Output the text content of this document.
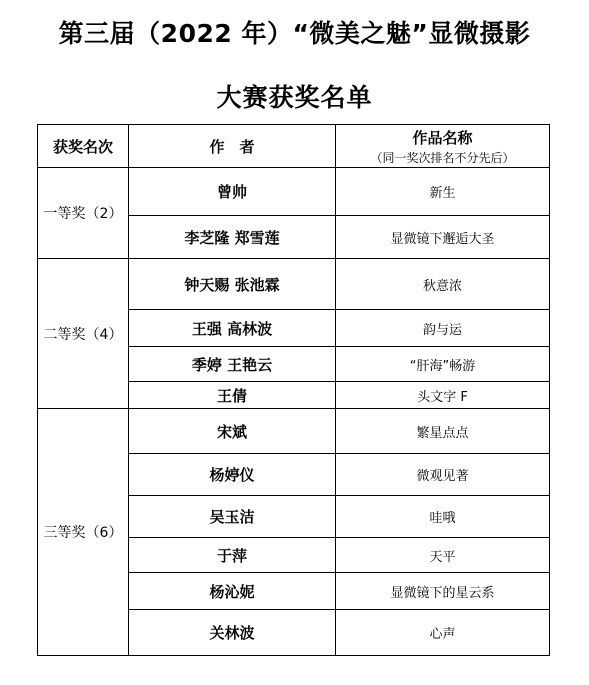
第三届（2022 年）“微美之魅”显微摄影
大赛获奖名单
获奖名次	作　者	作品名称
（同一奖次排名不分先后）

一等奖（2）	曾帅	新生
	李芝隆 郑雪莲	显微镜下邂逅大圣
二等奖（4）	钟天赐 张池霖	秋意浓
	王强 高林波	韵与运
	季婷 王艳云	“肝海”畅游
	王倩	头文字 F
三等奖（6）	宋斌	繁星点点
	杨婷仪	微观见著
	吴玉洁	哇哦
	于萍	天平
	杨沁妮	显微镜下的星云系
	关林波	心声
